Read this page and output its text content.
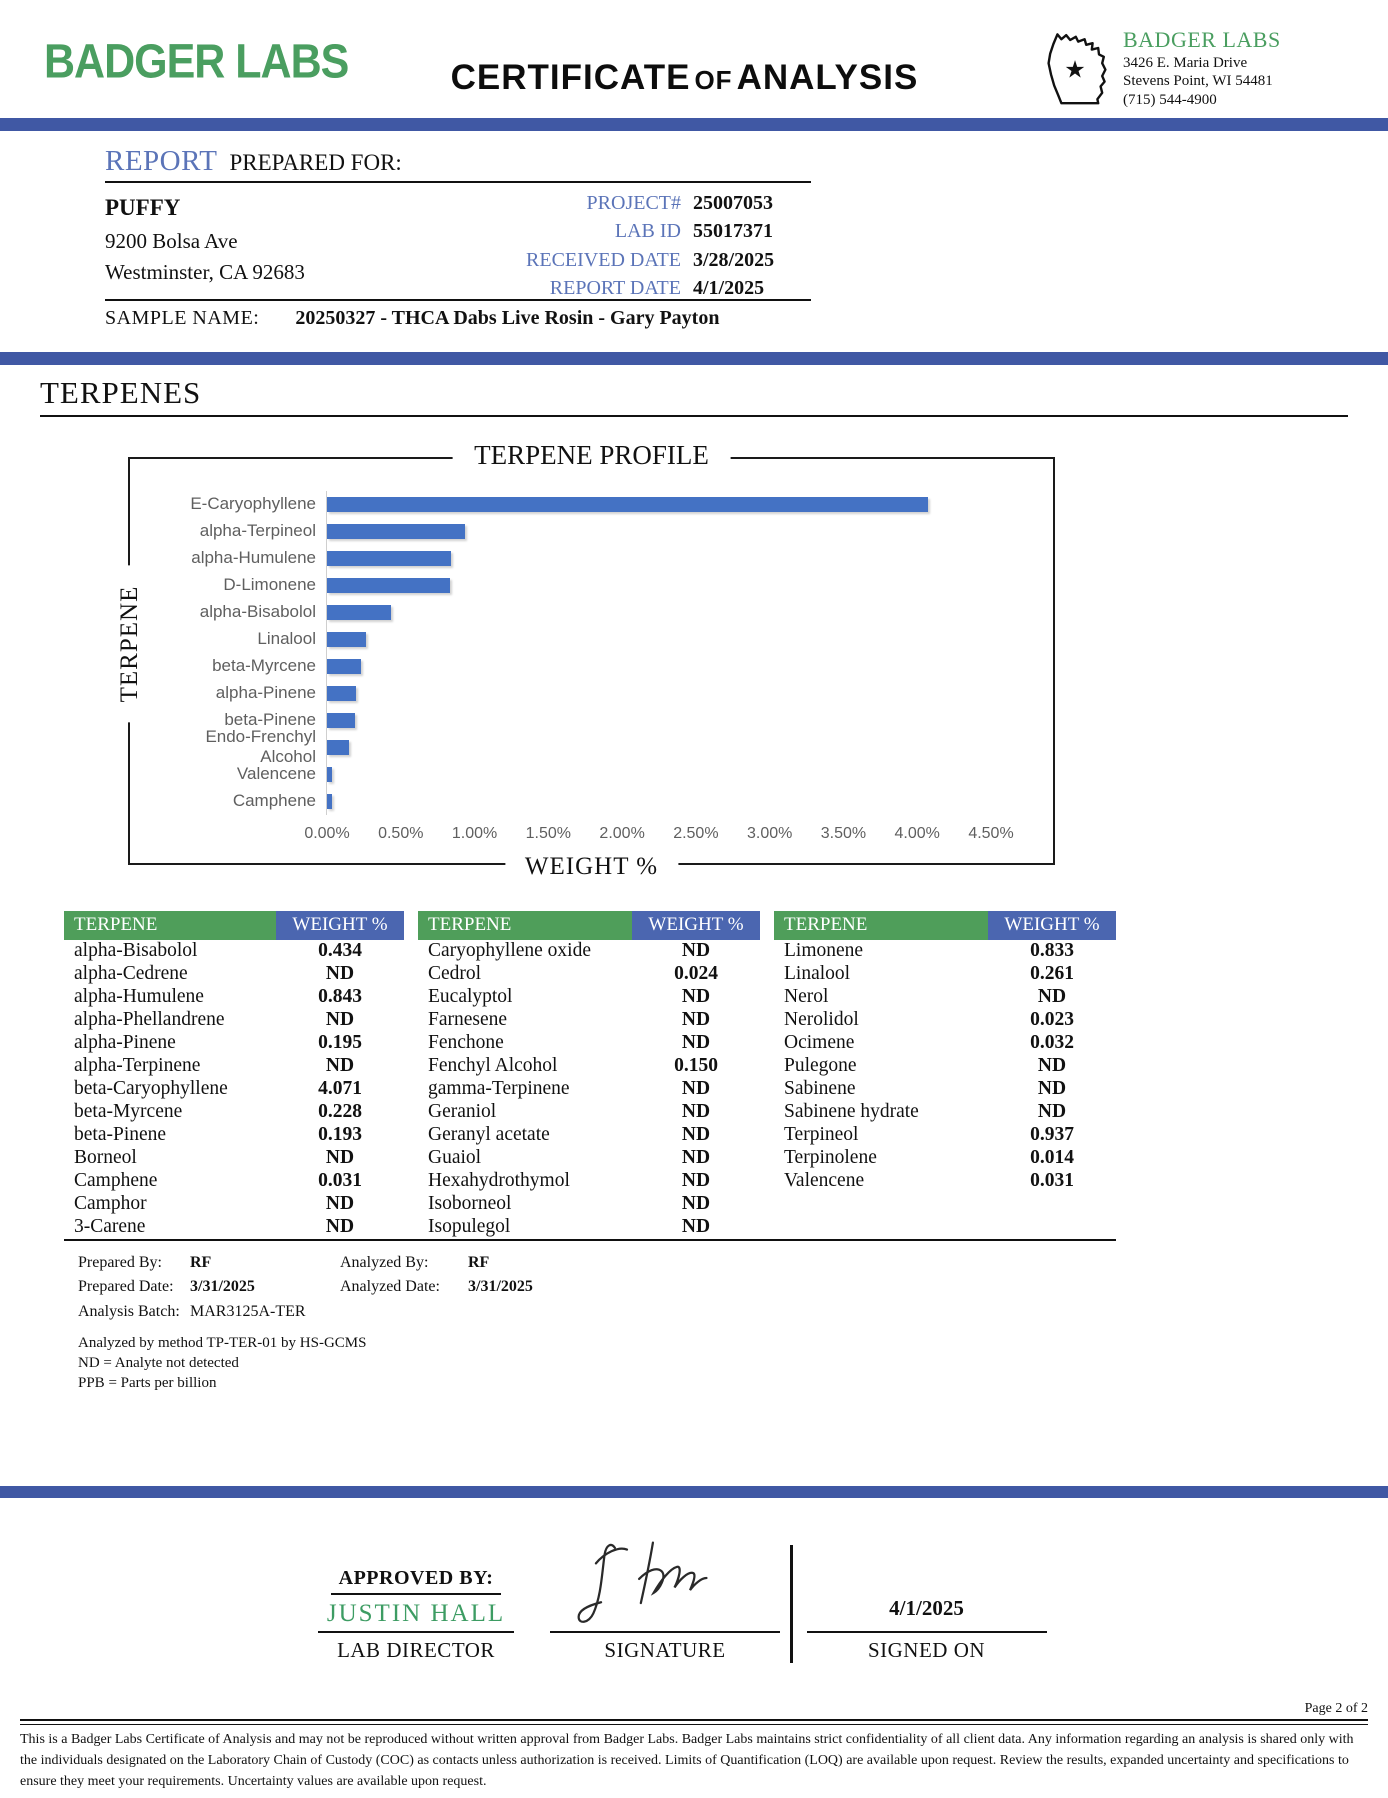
BADGER LABS	CERTIFICATE OF ANALYSIS	★
BADGER LABS
3426 E. Maria Drive
Stevens Point, WI 54481
(715) 544-4900
REPORT PREPARED FOR:
PUFFY
9200 Bolsa Ave
Westminster, CA 92683
PROJECT# 25007053
LAB ID 55017371
RECEIVED DATE 3/28/2025
REPORT DATE 4/1/2025
SAMPLE NAME: 20250327 - THCA Dabs Live Rosin - Gary Payton
TERPENES
TERPENE PROFILE
TERPENE
E-Caryophyllene
alpha-Terpineol
alpha-Humulene
D-Limonene
alpha-Bisabolol
Linalool
beta-Myrcene
alpha-Pinene
beta-Pinene
Endo-Frenchyl Alcohol
Valencene
Camphene
0.00% 0.50% 1.00% 1.50% 2.00% 2.50% 3.00% 3.50% 4.00% 4.50%
WEIGHT %
TERPENE	WEIGHT %	TERPENE	WEIGHT %	TERPENE	WEIGHT %
alpha-Bisabolol	0.434	Caryophyllene oxide	ND	Limonene	0.833
alpha-Cedrene	ND	Cedrol	0.024	Linalool	0.261
alpha-Humulene	0.843	Eucalyptol	ND	Nerol	ND
alpha-Phellandrene	ND	Farnesene	ND	Nerolidol	0.023
alpha-Pinene	0.195	Fenchone	ND	Ocimene	0.032
alpha-Terpinene	ND	Fenchyl Alcohol	0.150	Pulegone	ND
beta-Caryophyllene	4.071	gamma-Terpinene	ND	Sabinene	ND
beta-Myrcene	0.228	Geraniol	ND	Sabinene hydrate	ND
beta-Pinene	0.193	Geranyl acetate	ND	Terpineol	0.937
Borneol	ND	Guaiol	ND	Terpinolene	0.014
Camphene	0.031	Hexahydrothymol	ND	Valencene	0.031
Camphor	ND	Isoborneol	ND
3-Carene	ND	Isopulegol	ND
Prepared By:	RF	Analyzed By:	RF
Prepared Date:	3/31/2025	Analyzed Date:	3/31/2025
Analysis Batch: MAR3125A-TER
Analyzed by method TP-TER-01 by HS-GCMS
ND = Analyte not detected
PPB = Parts per billion
APPROVED BY:
JUSTIN HALL
LAB DIRECTOR	SIGNATURE
4/1/2025
SIGNED ON
Page 2 of 2
This is a Badger Labs Certificate of Analysis and may not be reproduced without written approval from Badger Labs. Badger Labs maintains strict confidentiality of all client data. Any information regarding an analysis is shared only with the individuals designated on the Laboratory Chain of Custody (COC) as contacts unless authorization is received. Limits of Quantification (LOQ) are available upon request. Review the results, expanded uncertainty and specifications to ensure they meet your requirements. Uncertainty values are available upon request.
